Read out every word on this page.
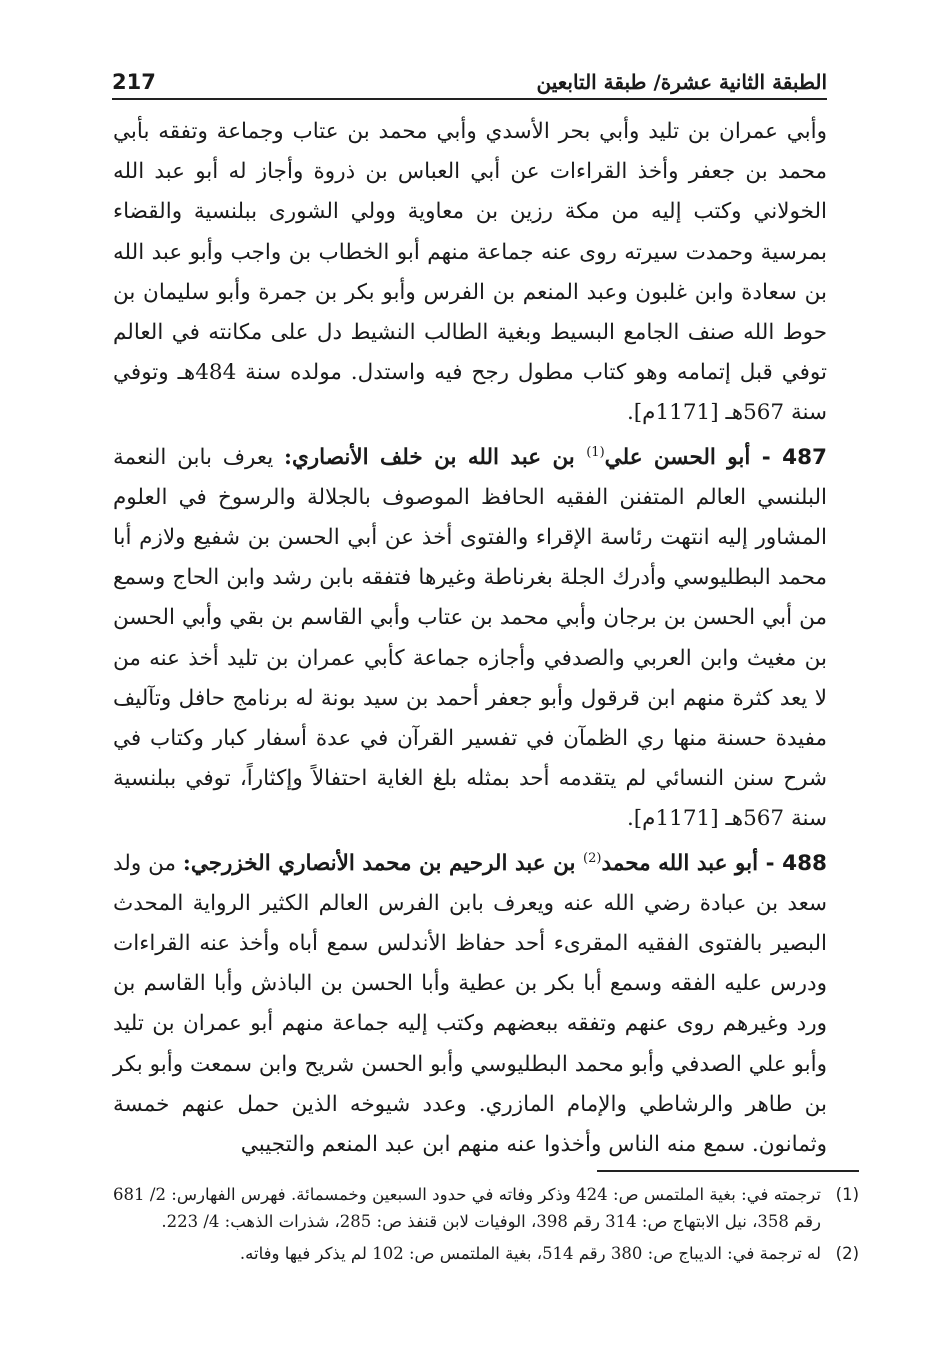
الطبقة الثانية عشرة/ طبقة التابعين
217

وأبي عمران بن تليد وأبي بحر الأسدي وأبي محمد بن عتاب وجماعة وتفقه بأبي محمد بن جعفر وأخذ القراءات عن أبي العباس بن ذروة وأجاز له أبو عبد الله الخولاني وكتب إليه من مكة رزين بن معاوية وولي الشورى ببلنسية والقضاء بمرسية وحمدت سيرته روى عنه جماعة منهم أبو الخطاب بن واجب وأبو عبد الله بن سعادة وابن غلبون وعبد المنعم بن الفرس وأبو بكر بن جمرة وأبو سليمان بن حوط الله صنف الجامع البسيط وبغية الطالب النشيط دل على مكانته في العالم توفي قبل إتمامه وهو كتاب مطول رجح فيه واستدل. مولده سنة 484هـ وتوفي سنة 567هـ [1171م].

487 - أبو الحسن علي$^{(1)}$ بن عبد الله بن خلف الأنصاري: يعرف بابن النعمة البلنسي العالم المتفنن الفقيه الحافظ الموصوف بالجلالة والرسوخ في العلوم المشاور إليه انتهت رئاسة الإقراء والفتوى أخذ عن أبي الحسن بن شفيع ولازم أبا محمد البطليوسي وأدرك الجلة بغرناطة وغيرها فتفقه بابن رشد وابن الحاج وسمع من أبي الحسن بن برجان وأبي محمد بن عتاب وأبي القاسم بن بقي وأبي الحسن بن مغيث وابن العربي والصدفي وأجازه جماعة كأبي عمران بن تليد أخذ عنه من لا يعد كثرة منهم ابن قرقول وأبو جعفر أحمد بن سيد بونة له برنامج حافل وتآليف مفيدة حسنة منها ري الظمآن في تفسير القرآن في عدة أسفار كبار وكتاب في شرح سنن النسائي لم يتقدمه أحد بمثله بلغ الغاية احتفالاً وإكثاراً، توفي ببلنسية سنة 567هـ [1171م].

488 - أبو عبد الله محمد$^{(2)}$ بن عبد الرحيم بن محمد الأنصاري الخزرجي: من ولد سعد بن عبادة رضي الله عنه ويعرف بابن الفرس العالم الكثير الرواية المحدث البصير بالفتوى الفقيه المقرىء أحد حفاظ الأندلس سمع أباه وأخذ عنه القراءات ودرس عليه الفقه وسمع أبا بكر بن عطية وأبا الحسن بن الباذش وأبا القاسم بن ورد وغيرهم روى عنهم وتفقه ببعضهم وكتب إليه جماعة منهم أبو عمران بن تليد وأبو علي الصدفي وأبو محمد البطليوسي وأبو الحسن شريح وابن سمعت وأبو بكر بن طاهر والرشاطي والإمام المازري. وعدد شيوخه الذين حمل عنهم خمسة وثمانون. سمع منه الناس وأخذوا عنه منهم ابن عبد المنعم والتجيبي

(1)
ترجمته في: بغية الملتمس ص: 424 وذكر وفاته في حدود السبعين وخمسمائة. فهرس الفهارس: 2/ 681 رقم 358، نيل الابتهاج ص: 314 رقم 398، الوفيات لابن قنفذ ص: 285، شذرات الذهب: 4/ 223.
(2)
له ترجمة في: الديباج ص: 380 رقم 514، بغية الملتمس ص: 102 لم يذكر فيها وفاته.
